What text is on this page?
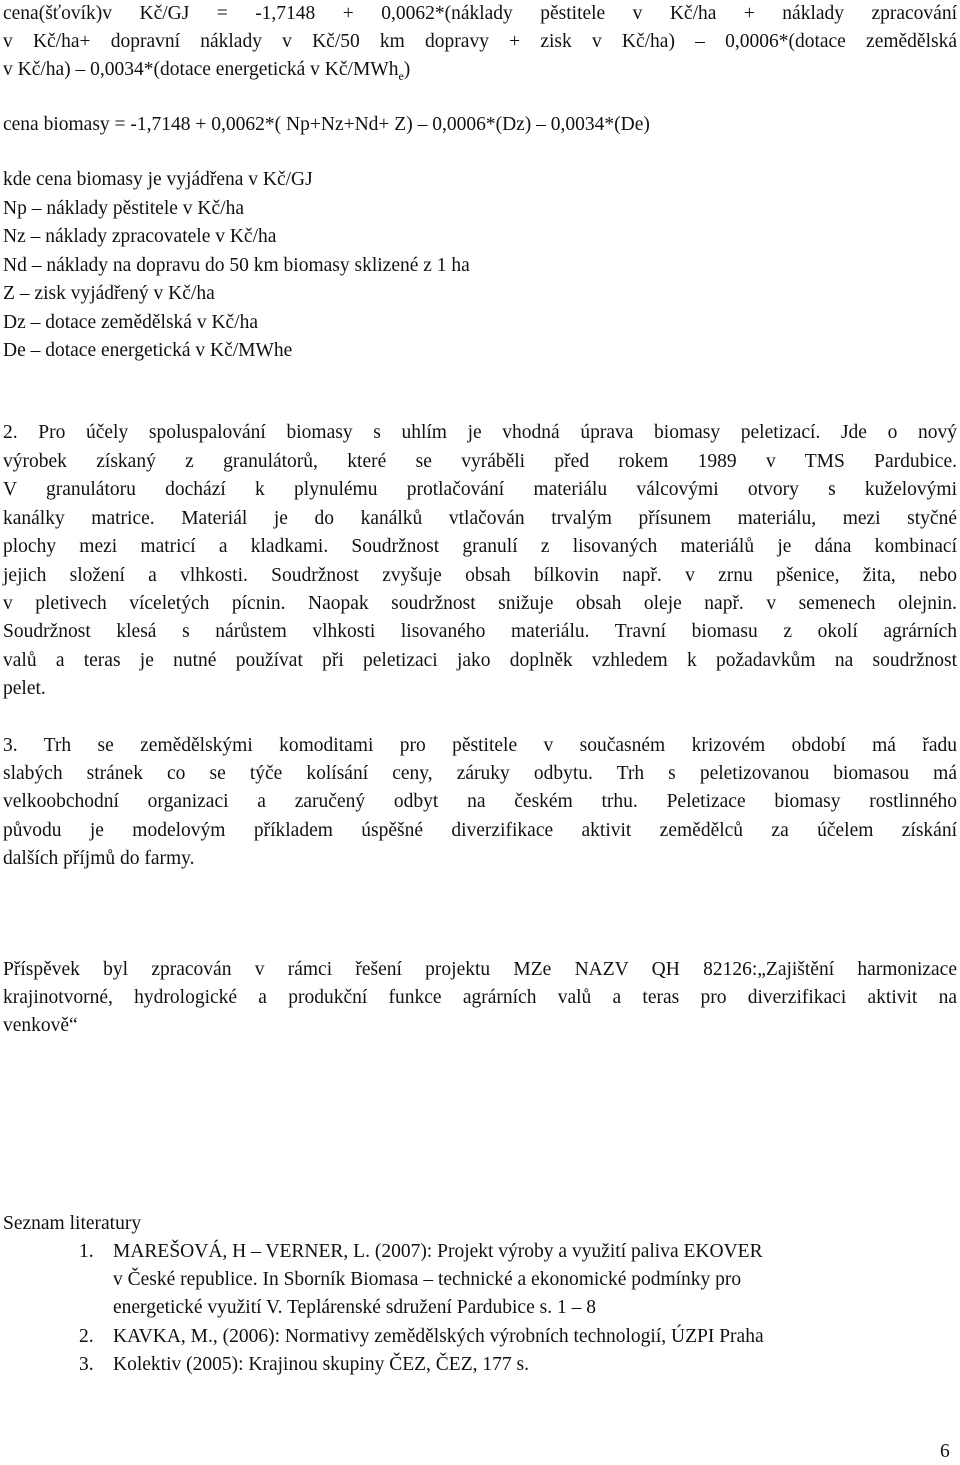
cena(šťovík)v Kč/GJ = -1,7148 + 0,0062*(náklady pěstitele v Kč/ha + náklady zpracování
v Kč/ha+ dopravní náklady v Kč/50 km dopravy + zisk v Kč/ha) – 0,0006*(dotace zemědělská
v Kč/ha) – 0,0034*(dotace energetická v Kč/MWh$_e$)
cena biomasy = -1,7148 + 0,0062*( Np+Nz+Nd+ Z) – 0,0006*(Dz) – 0,0034*(De)
kde cena biomasy je vyjádřena v Kč/GJ
Np – náklady pěstitele v Kč/ha
Nz – náklady zpracovatele v Kč/ha
Nd – náklady na dopravu do 50 km biomasy sklizené z 1 ha
Z – zisk vyjádřený v Kč/ha
Dz – dotace zemědělská v Kč/ha
De – dotace energetická v Kč/MWhe
2. Pro účely spoluspalování biomasy s uhlím je vhodná úprava biomasy peletizací. Jde o nový
výrobek získaný z granulátorů, které se vyráběli před rokem 1989 v TMS Pardubice.
V granulátoru dochází k plynulému protlačování materiálu válcovými otvory s kuželovými
kanálky matrice. Materiál je do kanálků vtlačován trvalým přísunem materiálu, mezi styčné
plochy mezi matricí a kladkami. Soudržnost granulí z lisovaných materiálů je dána kombinací
jejich složení a vlhkosti. Soudržnost zvyšuje obsah bílkovin např. v zrnu pšenice, žita, nebo
v pletivech víceletých pícnin. Naopak soudržnost snižuje obsah oleje např. v semenech olejnin.
Soudržnost klesá s nárůstem vlhkosti lisovaného materiálu. Travní biomasu z okolí agrárních
valů a teras je nutné používat při peletizaci jako doplněk vzhledem k požadavkům na soudržnost
pelet.
3. Trh se zemědělskými komoditami pro pěstitele v současném krizovém období má řadu
slabých stránek co se týče kolísání ceny, záruky odbytu. Trh s peletizovanou biomasou má
velkoobchodní organizaci a zaručený odbyt na českém trhu. Peletizace biomasy rostlinného
původu je modelovým příkladem úspěšné diverzifikace aktivit zemědělců za účelem získání
dalších příjmů do farmy.
Příspěvek byl zpracován v rámci řešení projektu MZe NAZV QH 82126:„Zajištění harmonizace
krajinotvorné, hydrologické a produkční funkce agrárních valů a teras pro diverzifikaci aktivit na
venkově“
Seznam literatury
1. MAREŠOVÁ, H – VERNER, L. (2007): Projekt výroby a využití paliva EKOVER
v České republice. In Sborník Biomasa – technické a ekonomické podmínky pro
energetické využití V. Teplárenské sdružení Pardubice s. 1 – 8
2. KAVKA, M., (2006): Normativy zemědělských výrobních technologií, ÚZPI Praha
3. Kolektiv (2005): Krajinou skupiny ČEZ, ČEZ, 177 s.
6
